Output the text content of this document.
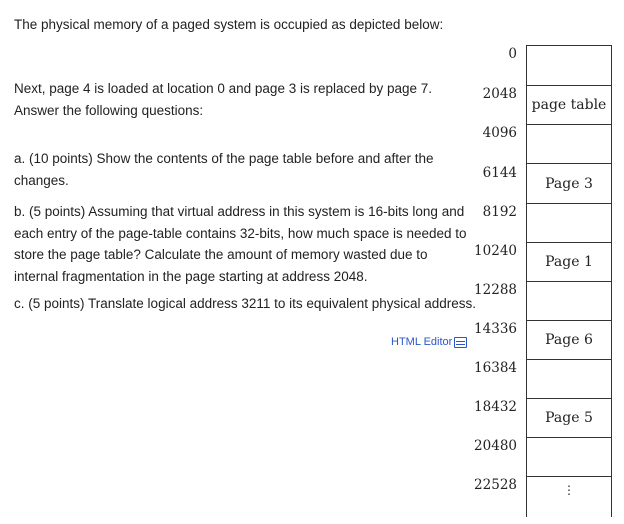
The physical memory of a paged system is occupied as depicted below:
Next, page 4 is loaded at location 0 and page 3 is replaced by page 7. Answer the following questions:
a. (10 points) Show the contents of the page table before and after the changes.
b. (5 points) Assuming that virtual address in this system is 16-bits long and each entry of the page-table contains 32-bits, how much space is needed to store the page table? Calculate the amount of memory wasted due to internal fragmentation in the page starting at address 2048.
c. (5 points) Translate logical address 3211 to its equivalent physical address.
HTML Editor
0
2048
4096
6144
8192
10240
12288
14336
16384
18432
20480
22528
page table
Page 3
Page 1
Page 6
Page 5
⋮
